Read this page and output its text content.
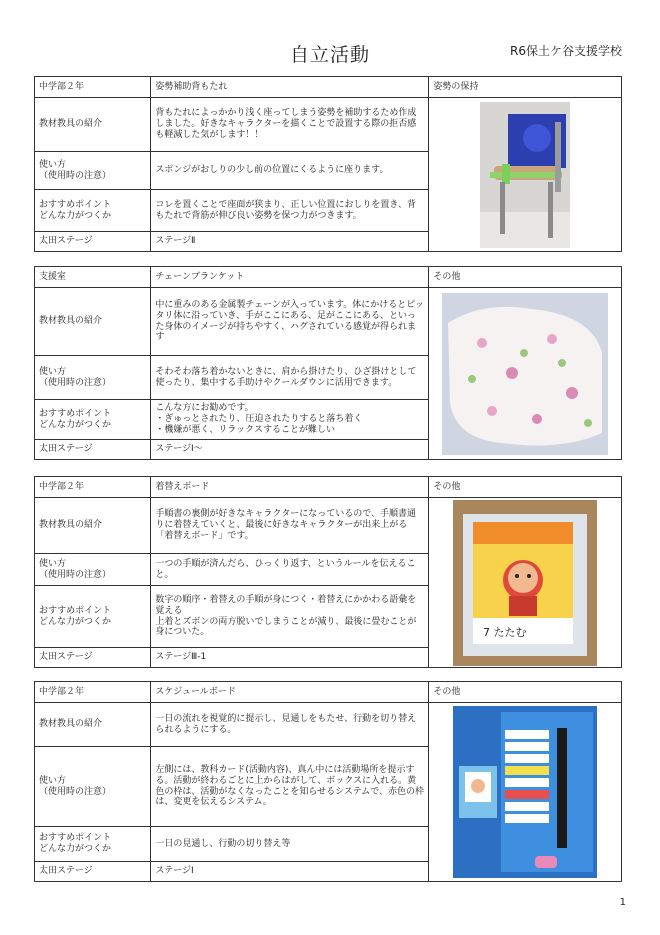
自立活動	R6保土ケ谷支援学校
中学部２年	姿勢補助背もたれ	姿勢の保持
教材教具の紹介	背もたれによっかかり浅く座ってしまう姿勢を補助するため作成しました。好きなキャラクターを描くことで設置する際の拒否感も軽減した気がします！！	

使い方
（使用時の注意）	スポンジがおしりの少し前の位置にくるように座ります。	
おすすめポイント
どんな力がつくか	コレを置くことで座面が狭まり、正しい位置におしりを置き、背もたれで背筋が伸び良い姿勢を保つ力がつきます。	
太田ステージ	ステージⅡ	
支援室	チェーンブランケット	その他
教材教具の紹介	中に重みのある金属製チェーンが入っています。体にかけるとピッタリ体に沿っていき、手がここにある、足がここにある、といった身体のイメージが持ちやすく、ハグされている感覚が得られます	

使い方
（使用時の注意）	そわそわ落ち着かないときに、肩から掛けたり、ひざ掛けとして使ったり、集中する手助けやクールダウンに活用できます。	
おすすめポイント
どんな力がつくか	こんな方にお勧めです。
・ぎゅっとされたり、圧迫されたりすると落ち着く
・機嫌が悪く、リラックスすることが難しい	
太田ステージ	ステージⅠ～	
中学部２年	着替えボード	その他
教材教具の紹介	手順書の裏側が好きなキャラクターになっているので、手順書通りに着替えていくと、最後に好きなキャラクターが出来上がる「着替えボード」です。	7 たたむ

使い方
（使用時の注意）	一つの手順が済んだら、ひっくり返す、というルールを伝えること。	
おすすめポイント
どんな力がつくか	数字の順序・着替えの手順が身につく・着替えにかかわる語彙を覚える
上着とズボンの両方脱いでしまうことが減り、最後に畳むことが身についた。	
太田ステージ	ステージⅢ-1	
中学部２年	スケジュールボード	その他
教材教具の紹介	一日の流れを視覚的に提示し、見通しをもたせ、行動を切り替えられるようにする。	

使い方
（使用時の注意）	左側には、教科カード(活動内容)、真ん中には活動場所を提示する。活動が終わるごとに上からはがして、ボックスに入れる。黄色の枠は、活動がなくなったことを知らせるシステムで、赤色の枠は、変更を伝えるシステム。	
おすすめポイント
どんな力がつくか	一日の見通し、行動の切り替え等	
太田ステージ	ステージⅠ	
1
